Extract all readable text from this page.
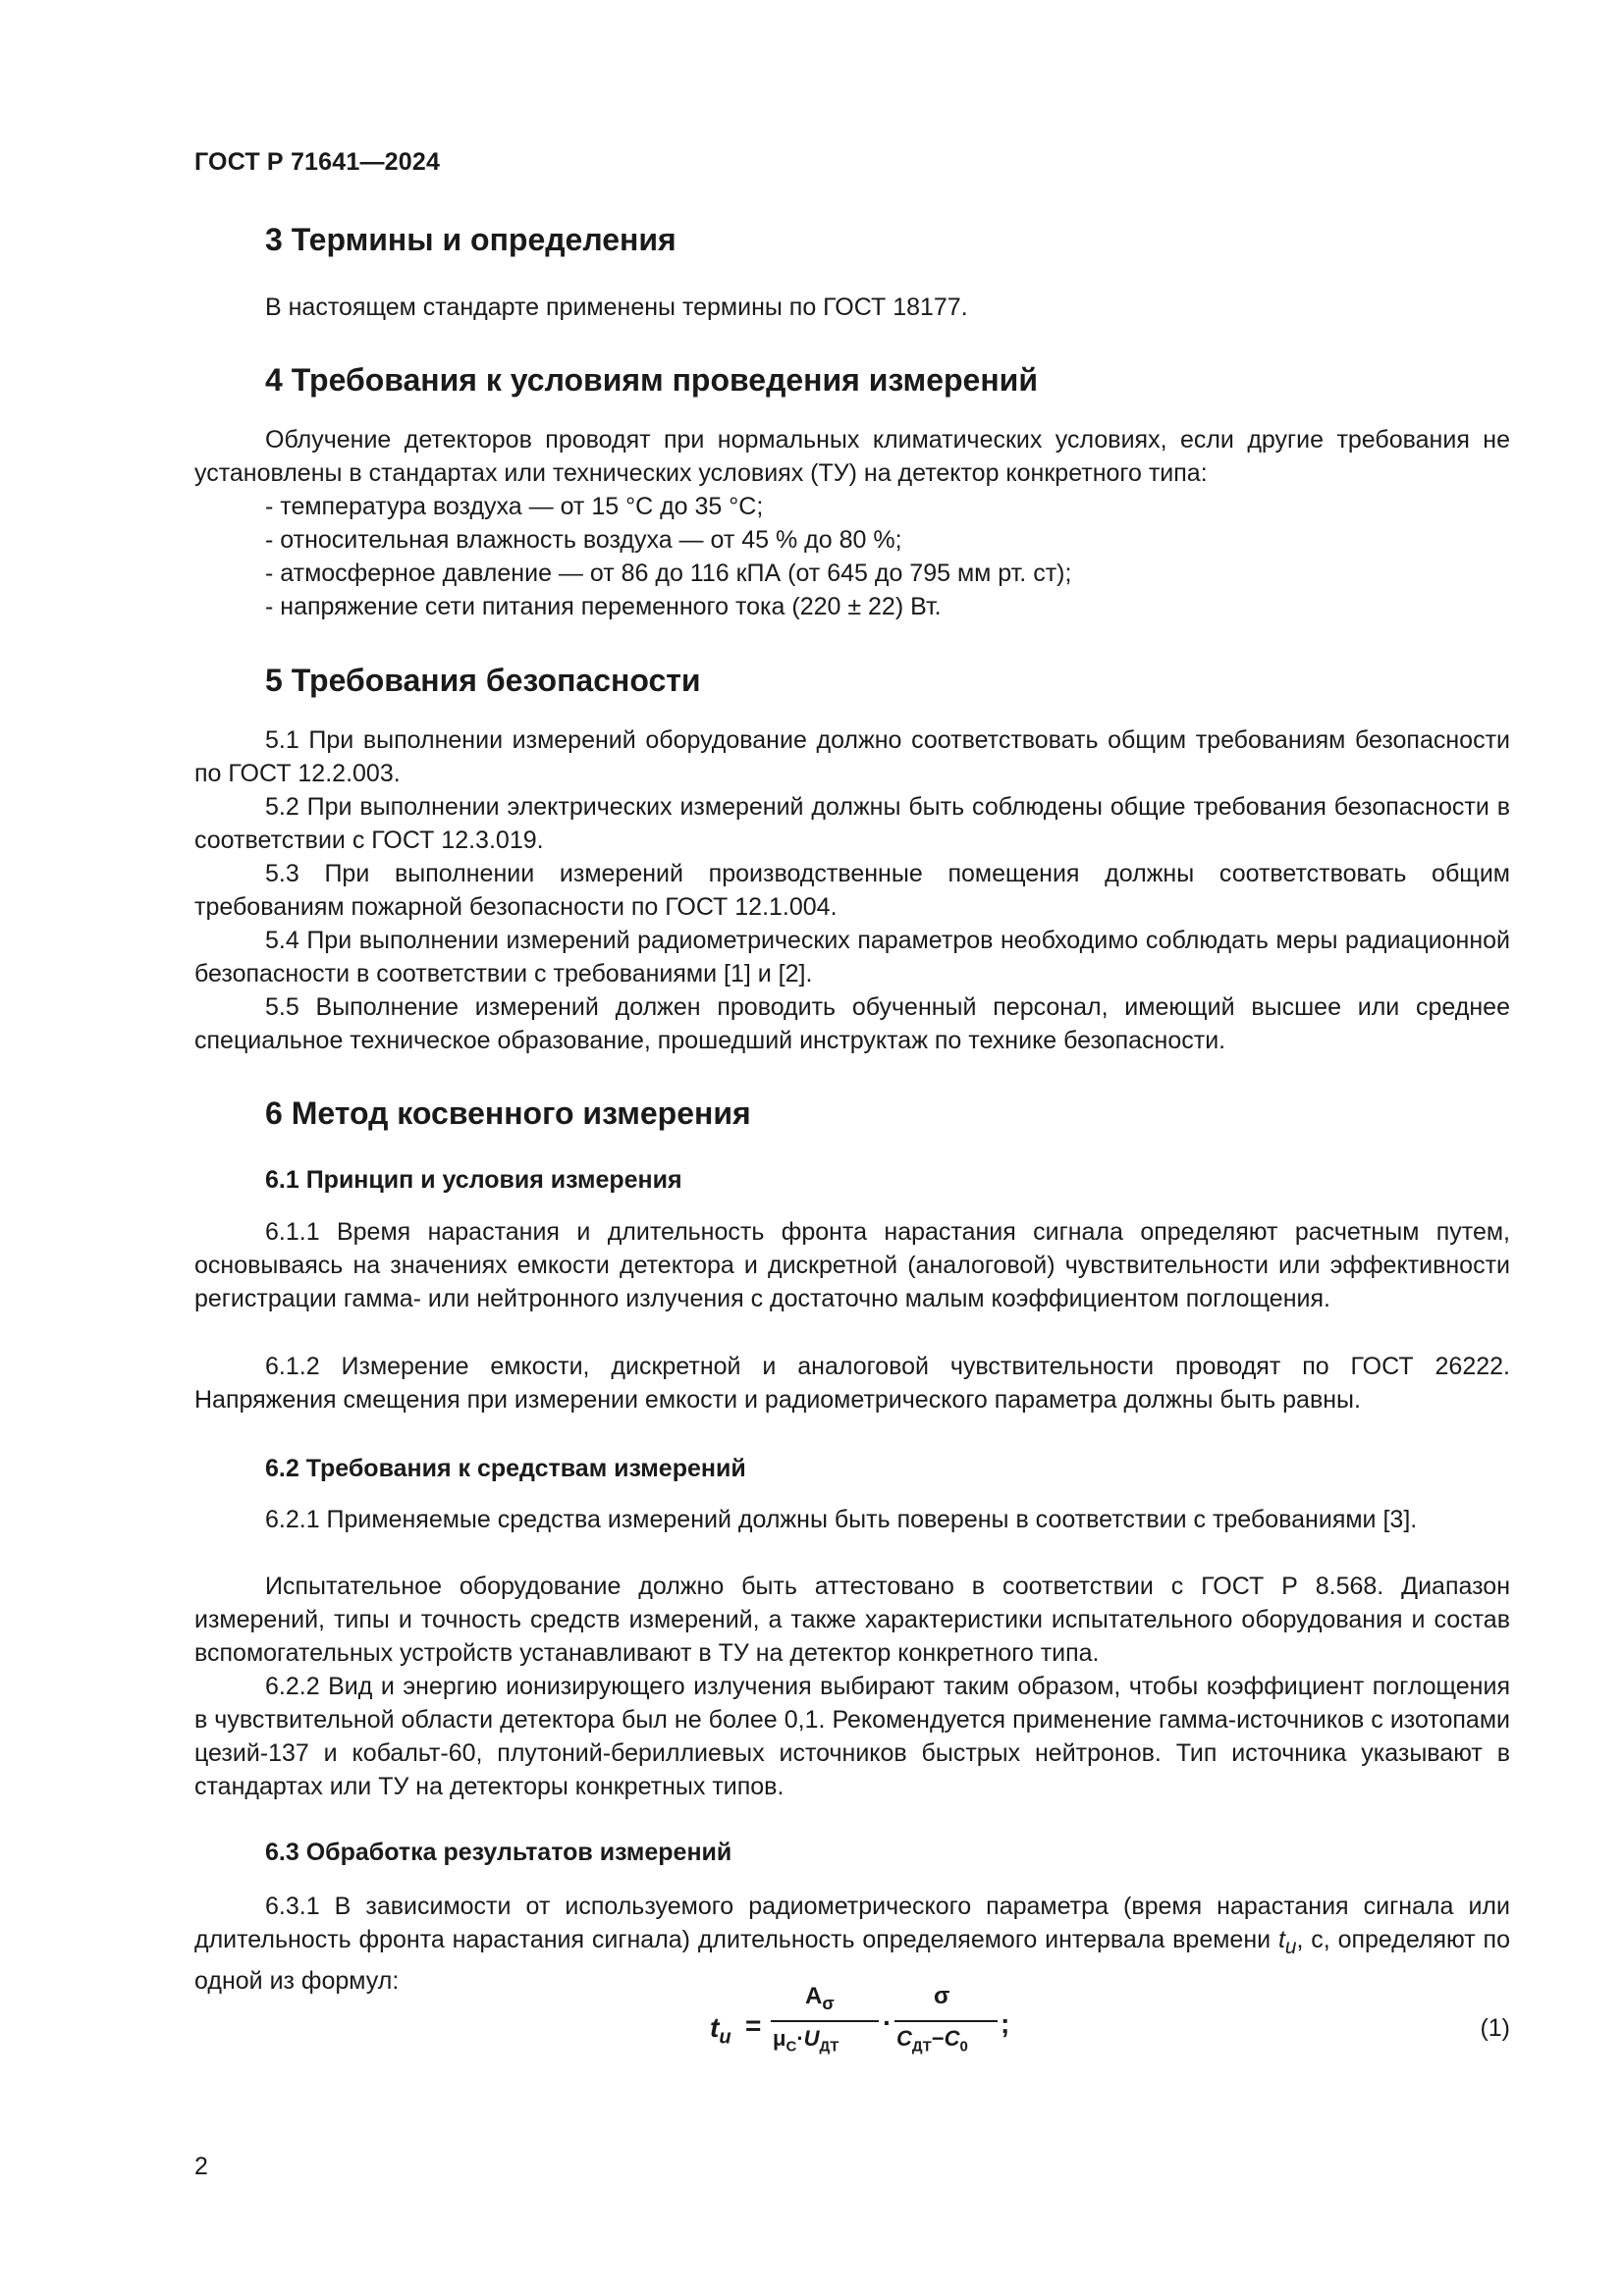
ГОСТ Р 71641—2024
3 Термины и определения
В настоящем стандарте применены термины по ГОСТ 18177.
4 Требования к условиям проведения измерений

Облучение детекторов проводят при нормальных климатических условиях, если другие требования не установлены в стандартах или технических условиях (ТУ) на детектор конкретного типа:

- температура воздуха — от 15 °С до 35 °С;
- относительная влажность воздуха — от 45 % до 80 %;
- атмосферное давление — от 86 до 116 кПА (от 645 до 795 мм рт. ст);
- напряжение сети питания переменного тока (220 ± 22) Вт.
5 Требования безопасности

5.1 При выполнении измерений оборудование должно соответствовать общим требованиям безопасности по ГОСТ 12.2.003.

5.2 При выполнении электрических измерений должны быть соблюдены общие требования безопасности в соответствии с ГОСТ 12.3.019.

5.3 При выполнении измерений производственные помещения должны соответствовать общим требованиям пожарной безопасности по ГОСТ 12.1.004.

5.4 При выполнении измерений радиометрических параметров необходимо соблюдать меры радиационной безопасности в соответствии с требованиями [1] и [2].

5.5 Выполнение измерений должен проводить обученный персонал, имеющий высшее или среднее специальное техническое образование, прошедший инструктаж по технике безопасности.

6 Метод косвенного измерения
6.1 Принцип и условия измерения

6.1.1 Время нарастания и длительность фронта нарастания сигнала определяют расчетным путем, основываясь на значениях емкости детектора и дискретной (аналоговой) чувствительности или эффективности регистрации гамма- или нейтронного излучения с достаточно малым коэффициентом поглощения.

6.1.2 Измерение емкости, дискретной и аналоговой чувствительности проводят по ГОСТ 26222. Напряжения смещения при измерении емкости и радиометрического параметра должны быть равны.

6.2 Требования к средствам измерений

6.2.1 Применяемые средства измерений должны быть поверены в соответствии с требованиями [3].

Испытательное оборудование должно быть аттестовано в соответствии с ГОСТ Р 8.568. Диапазон измерений, типы и точность средств измерений, а также характеристики испытательного оборудования и состав вспомогательных устройств устанавливают в ТУ на детектор конкретного типа.

6.2.2 Вид и энергию ионизирующего излучения выбирают таким образом, чтобы коэффициент поглощения в чувствительной области детектора был не более 0,1. Рекомендуется применение гамма-источников с изотопами цезий-137 и кобальт-60, плутоний-бериллиевых источников быстрых нейтронов. Тип источника указывают в стандартах или ТУ на детекторы конкретных типов.

6.3 Обработка результатов измерений

6.3.1 В зависимости от используемого радиометрического параметра (время нарастания сигнала или длительность фронта нарастания сигнала) длительность определяемого интервала времени $t_u$, с, определяют по одной из формул:

$t_u$ =
$A_\sigma$
$\mu_C\cdot U_{ДТ}$
·
σ
$C_{ДТ}-C_0$
;	(1)
2
